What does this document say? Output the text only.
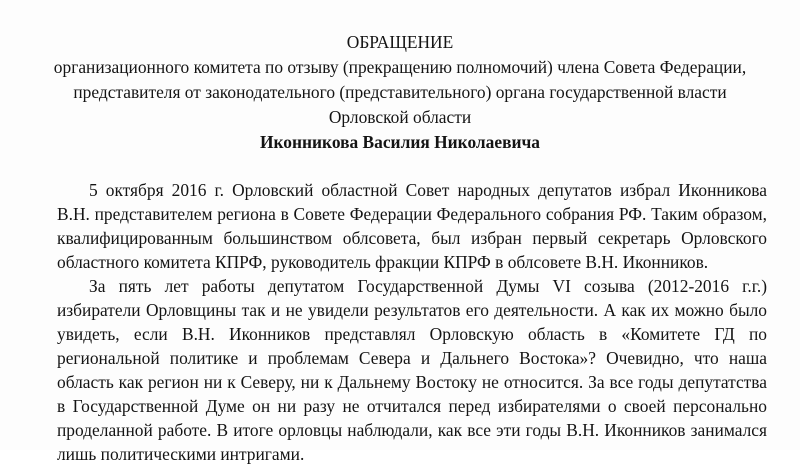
ОБРАЩЕНИЕ
организационного комитета по отзыву (прекращению полномочий) члена Совета Федерации,
представителя от законодательного (представительного) органа государственной власти
Орловской области
Иконникова Василия Николаевича
5 октября 2016 г. Орловский областной Совет народных депутатов избрал Иконникова
В.Н. представителем региона в Совете Федерации Федерального собрания РФ. Таким образом,
квалифицированным большинством облсовета, был избран первый секретарь Орловского
областного комитета КПРФ, руководитель фракции КПРФ в облсовете В.Н. Иконников.
За пять лет работы депутатом Государственной Думы VI созыва (2012-2016 г.г.)
избиратели Орловщины так и не увидели результатов его деятельности. А как их можно было
увидеть, если В.Н. Иконников представлял Орловскую область в «Комитете ГД по
региональной политике и проблемам Севера и Дальнего Востока»? Очевидно, что наша
область как регион ни к Северу, ни к Дальнему Востоку не относится. За все годы депутатства
в Государственной Думе он ни разу не отчитался перед избирателями о своей персонально
проделанной работе. В итоге орловцы наблюдали, как все эти годы В.Н. Иконников занимался
лишь политическими интригами.
